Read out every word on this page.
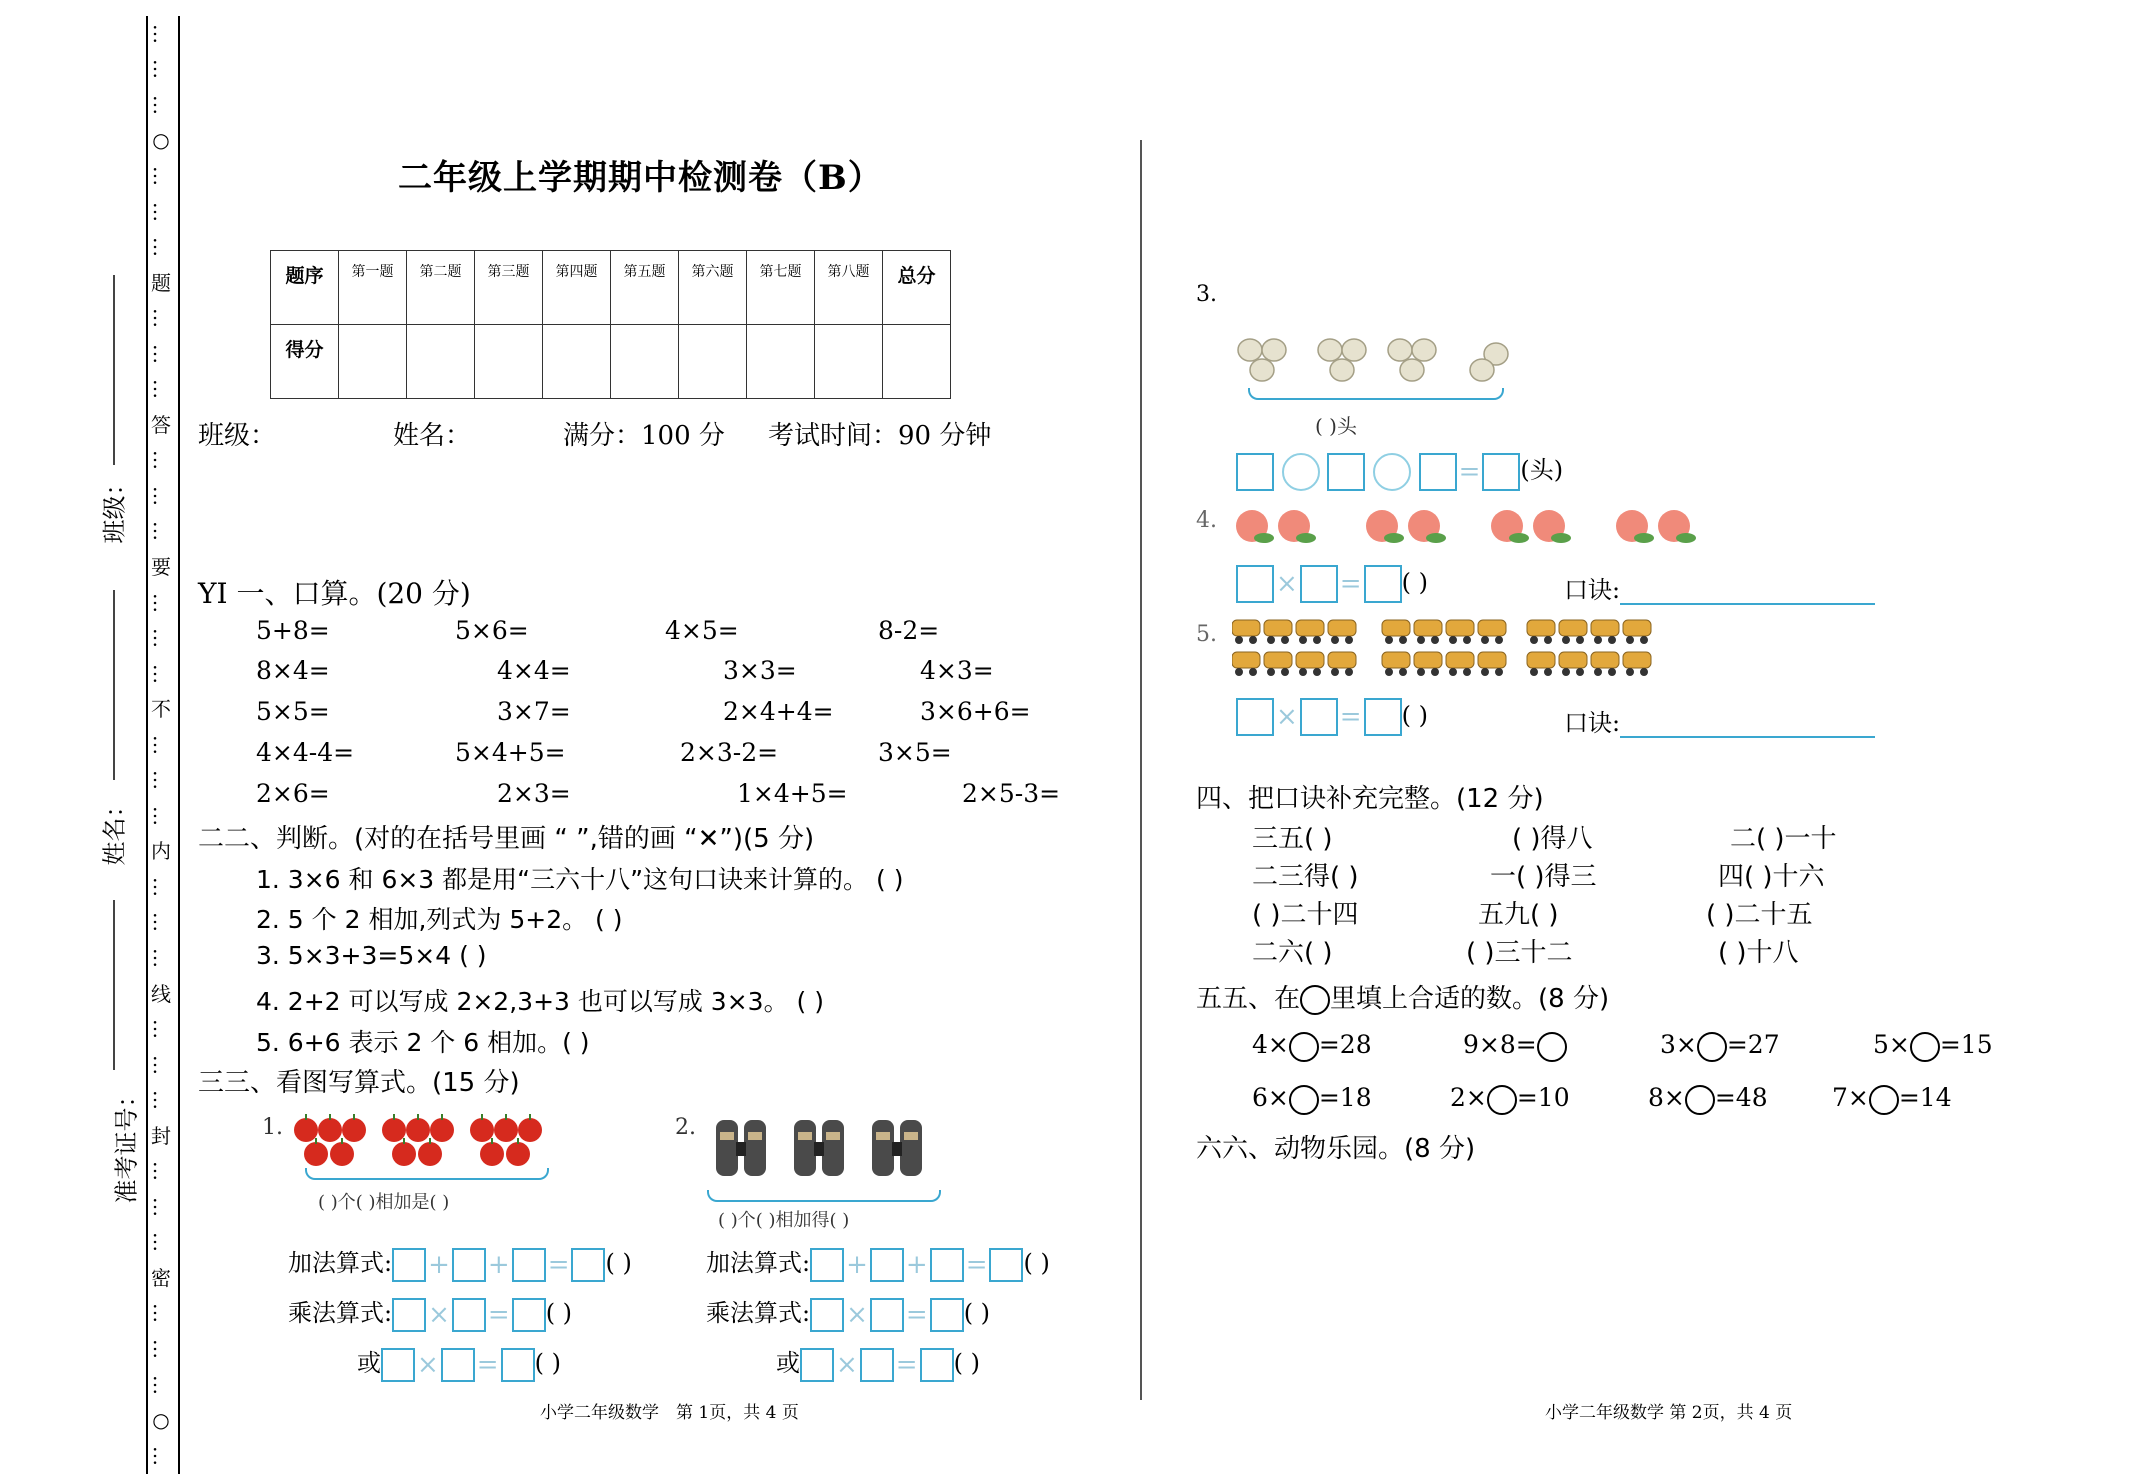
…
…
…
○
…
…
…
题
…
…
…
答
…
…
…
要
…
…
…
不
…
…
…
内
…
…
…
线
…
…
…
封
…
…
…
密
…
…
…
○
…
班级：
姓名：
准考证号：
二年级上学期期中检测卷（B）
题序	第一题	第二题	第三题	第四题	第五题	第六题	第七题	第八题	总分
得分									
班级：	姓名：	满分：100 分 考试时间：90 分钟
YI 一、口算。(20 分)
5+8=	5×6=	4×5=	8-2=
8×4=	4×4=	3×3=	4×3=
5×5=	3×7=	2×4+4=	3×6+6=
4×4-4=	5×4+5=	2×3-2=	3×5=
2×6=	2×3=	1×4+5=	2×5-3=
二二、判断。(对的在括号里画 “ ”,错的画 “✕”)(5 分)
1. 3×6 和 6×3 都是用“三六十八”这句口诀来计算的。 ( )
2. 5 个 2 相加,列式为 5+2。 ( )
3. 5×3+3=5×4 ( )
4. 2+2 可以写成 2×2,3+3 也可以写成 3×3。 ( )
5. 6+6 表示 2 个 6 相加。( )
三三、看图写算式。(15 分)
1.
( )个( )相加是( )
2.
( )个( )相加得( )
加法算式: + + = ( )
乘法算式: × = ( )
或 × = ( )
加法算式: + + = ( )
乘法算式: × = ( )
或 × = ( )
小学二年级数学　第 1页，共 4 页
3.
( )头
= (头)
4.
× = ( )	口诀:
5.
× = ( )	口诀:
四、把口诀补充完整。(12 分)
三五( )	( )得八	二( )一十
二三得( )	一( )得三	四( )十六
( )二十四	五九( )	( )二十五
二六( )	( )三十二	( )十八
五五、在 里填上合适的数。(8 分)
4× =28	9×8=	3× =27	5× =15
6× =18	2× =10	8× =48	7× =14
六六、动物乐园。(8 分)
小学二年级数学 第 2页，共 4 页
